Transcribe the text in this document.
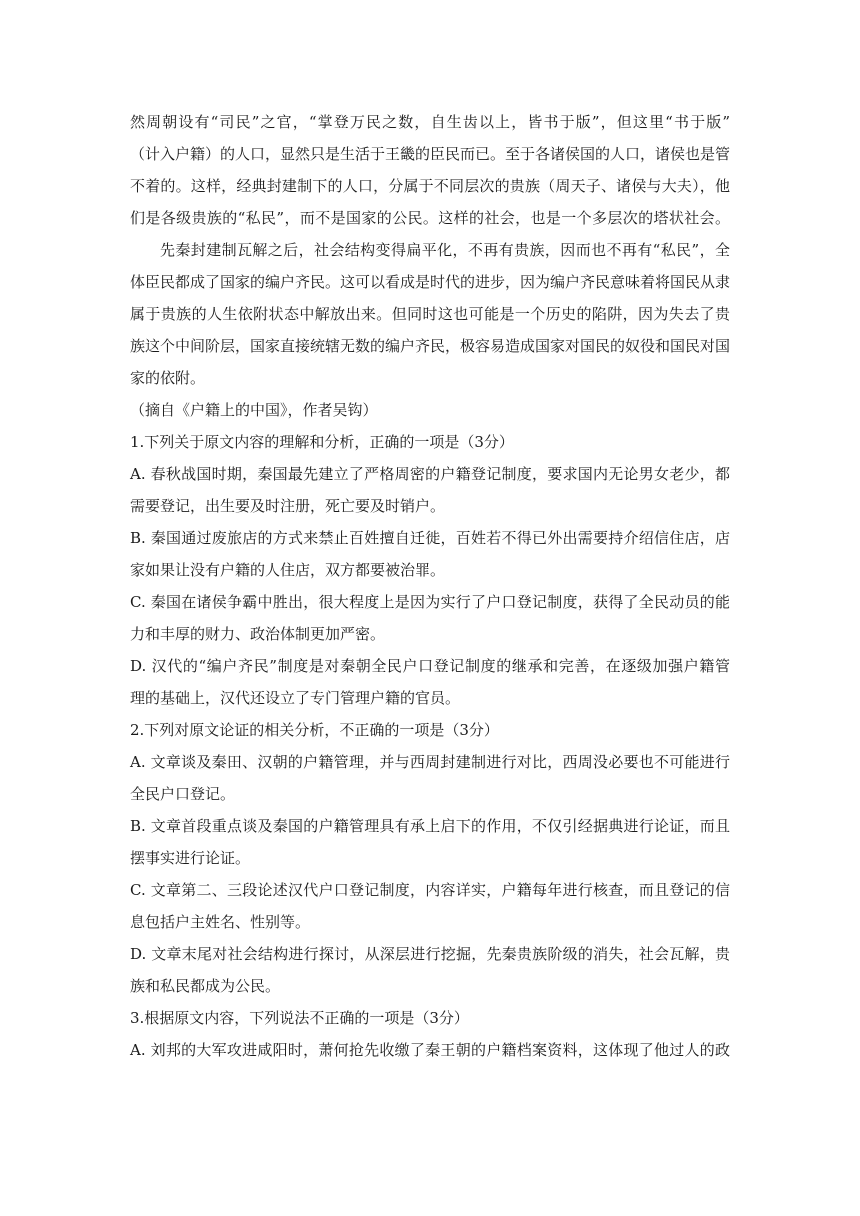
然周朝设有“司民”之官，“掌登万民之数，自生齿以上，皆书于版”，但这里“书于版”
（计入户籍）的人口，显然只是生活于王畿的臣民而已。至于各诸侯国的人口，诸侯也是管
不着的。这样，经典封建制下的人口，分属于不同层次的贵族（周天子、诸侯与大夫），他
们是各级贵族的“私民”，而不是国家的公民。这样的社会，也是一个多层次的塔状社会。
先秦封建制瓦解之后，社会结构变得扁平化，不再有贵族，因而也不再有“私民”，全
体臣民都成了国家的编户齐民。这可以看成是时代的进步，因为编户齐民意味着将国民从隶
属于贵族的人生依附状态中解放出来。但同时这也可能是一个历史的陷阱，因为失去了贵
族这个中间阶层，国家直接统辖无数的编户齐民，极容易造成国家对国民的奴役和国民对国
家的依附。
（摘自《户籍上的中国》，作者吴钩）
1.下列关于原文内容的理解和分析，正确的一项是（3分）
A. 春秋战国时期，秦国最先建立了严格周密的户籍登记制度，要求国内无论男女老少，都
需要登记，出生要及时注册，死亡要及时销户。
B. 秦国通过废旅店的方式来禁止百姓擅自迁徙，百姓若不得已外出需要持介绍信住店，店
家如果让没有户籍的人住店，双方都要被治罪。
C. 秦国在诸侯争霸中胜出，很大程度上是因为实行了户口登记制度，获得了全民动员的能
力和丰厚的财力、政治体制更加严密。
D. 汉代的“编户齐民”制度是对秦朝全民户口登记制度的继承和完善，在逐级加强户籍管
理的基础上，汉代还设立了专门管理户籍的官员。
2.下列对原文论证的相关分析，不正确的一项是（3分）
A. 文章谈及秦田、汉朝的户籍管理，并与西周封建制进行对比，西周没必要也不可能进行
全民户口登记。
B. 文章首段重点谈及秦国的户籍管理具有承上启下的作用，不仅引经据典进行论证，而且
摆事实进行论证。
C. 文章第二、三段论述汉代户口登记制度，内容详实，户籍每年进行核查，而且登记的信
息包括户主姓名、性别等。
D. 文章末尾对社会结构进行探讨，从深层进行挖掘，先秦贵族阶级的消失，社会瓦解，贵
族和私民都成为公民。
3.根据原文内容，下列说法不正确的一项是（3分）
A. 刘邦的大军攻进咸阳时，萧何抢先收缴了秦王朝的户籍档案资料，这体现了他过人的政
